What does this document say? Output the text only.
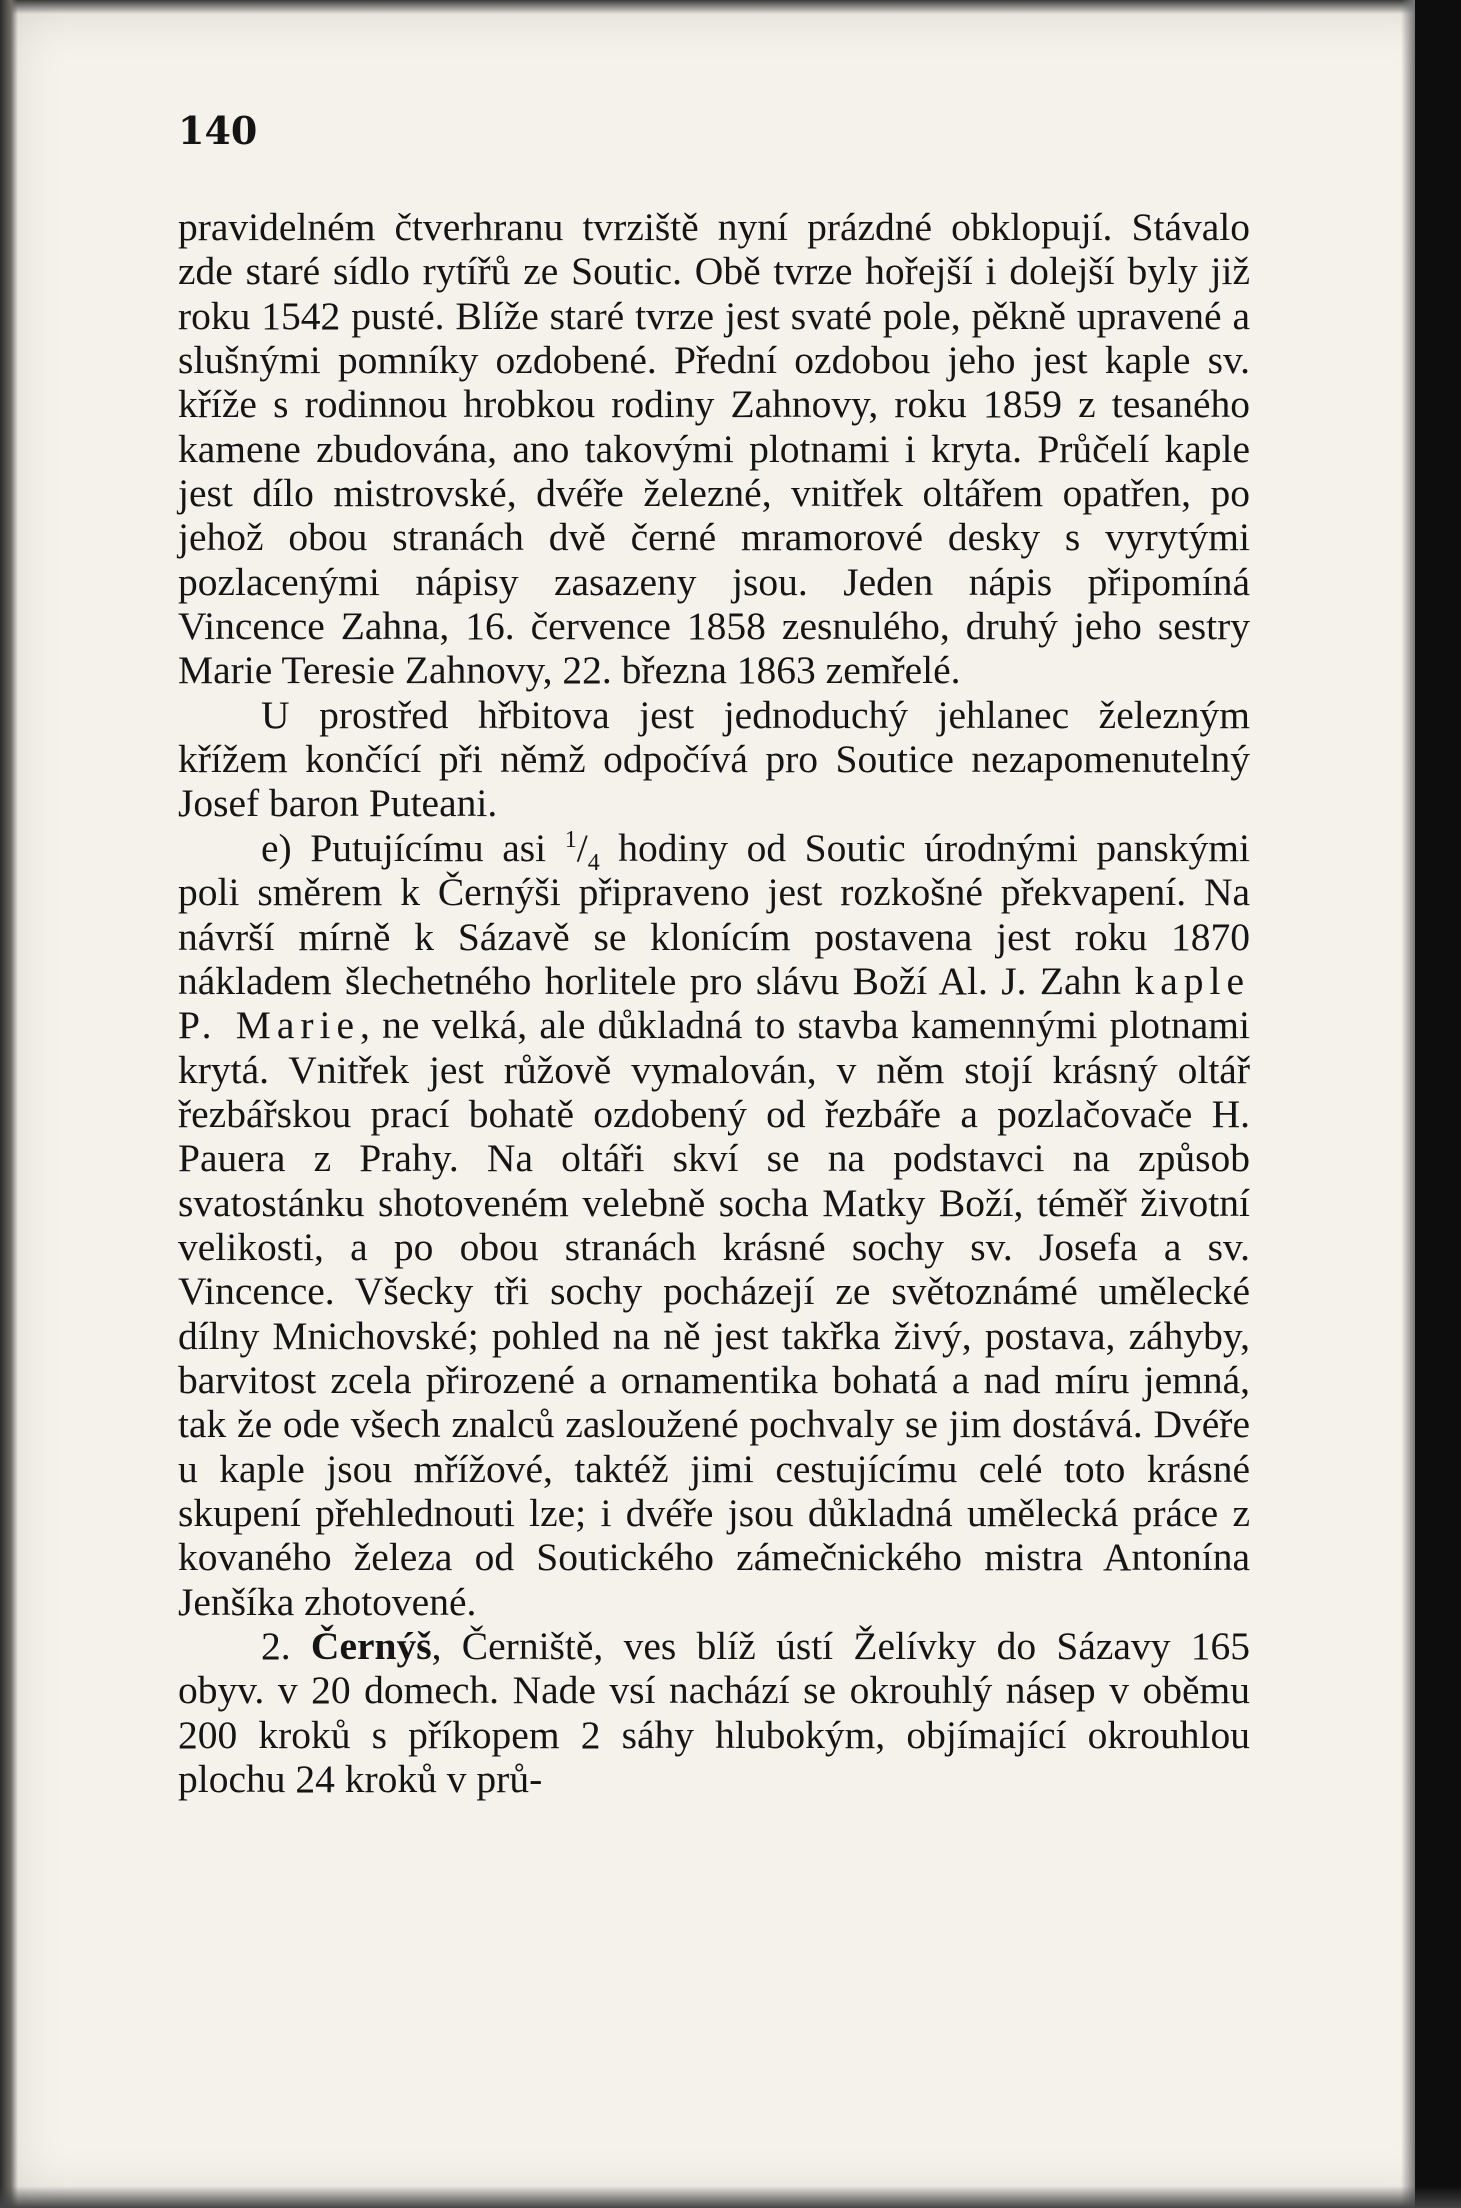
140

pravidelném čtverhranu tvrziště nyní prázdné obklopují. Stávalo zde staré sídlo rytířů ze Soutic. Obě tvrze hořejší i dolejší byly již roku 1542 pusté. Blíže staré tvrze jest svaté pole, pěkně upravené a slušnými pomníky ozdobené. Přední ozdobou jeho jest kaple sv. kříže s rodinnou hrobkou rodiny Zahnovy, roku 1859 z tesaného kamene zbudována, ano takovými plotnami i kryta. Průčelí kaple jest dílo mistrovské, dvéře železné, vnitřek oltářem opatřen, po jehož obou stranách dvě černé mramorové desky s vyrytými pozlacenými nápisy zasazeny jsou. Jeden nápis připomíná Vincence Zahna, 16. července 1858 zesnulého, druhý jeho sestry Marie Teresie Zahnovy, 22. března 1863 zemřelé.

U prostřed hřbitova jest jednoduchý jehlanec železným křížem končící při němž odpočívá pro Soutice nezapomenutelný Josef baron Puteani.

e) Putujícímu asi $^1/_4$ hodiny od Soutic úrodnými panskými poli směrem k Černýši připraveno jest rozkošné překvapení. Na návrší mírně k Sázavě se klonícím postavena jest roku 1870 nákladem šlechetného horlitele pro slávu Boží Al. J. Zahn kaple P. Marie, ne velká, ale důkladná to stavba kamennými plotnami krytá. Vnitřek jest růžově vymalován, v něm stojí krásný oltář řezbářskou prací bohatě ozdobený od řezbáře a pozlačovače H. Pauera z Prahy. Na oltáři skví se na podstavci na způsob svatostánku shotoveném velebně socha Matky Boží, téměř životní velikosti, a po obou stranách krásné sochy sv. Josefa a sv. Vincence. Všecky tři sochy pocházejí ze světoznámé umělecké dílny Mnichovské; pohled na ně jest takřka živý, postava, záhyby, barvitost zcela přirozené a ornamentika bohatá a nad míru jemná, tak že ode všech znalců zasloužené pochvaly se jim dostává. Dvéře u kaple jsou mřížové, taktéž jimi cestujícímu celé toto krásné skupení přehlednouti lze; i dvéře jsou důkladná umělecká práce z kovaného železa od Soutického zámečnického mistra Antonína Jenšíka zhotovené.

2. Černýš, Černiště, ves blíž ústí Želívky do Sázavy 165 obyv. v 20 domech. Nade vsí nachází se okrouhlý násep v oběmu 200 kroků s příkopem 2 sáhy hlubokým, objímající okrouhlou plochu 24 kroků v prů-
